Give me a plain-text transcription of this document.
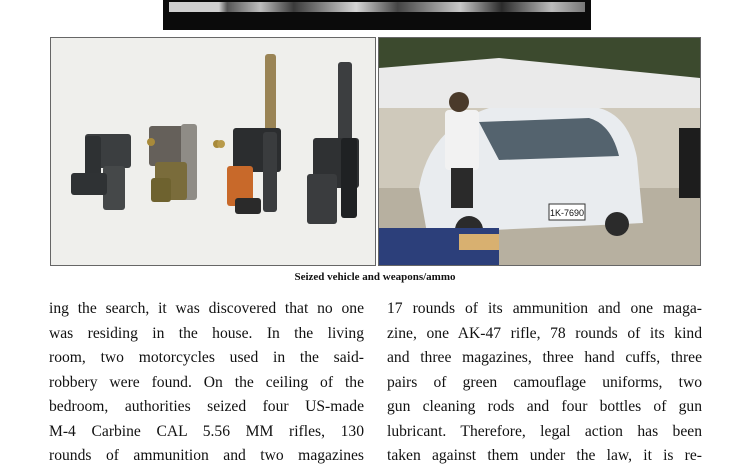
1K-7690
Seized vehicle and weapons/ammo
ing the search, it was discovered that no one
was residing in the house. In the living
room, two motorcycles used in the said-
robbery were found. On the ceiling of the
bedroom, authorities seized four US-made
M-4 Carbine CAL 5.56 MM rifles, 130
rounds of ammunition and two magazines
17 rounds of its ammunition and one maga-
zine, one AK-47 rifle, 78 rounds of its kind
and three magazines, three hand cuffs, three
pairs of green camouflage uniforms, two
gun cleaning rods and four bottles of gun
lubricant. Therefore, legal action has been
taken against them under the law, it is re-
